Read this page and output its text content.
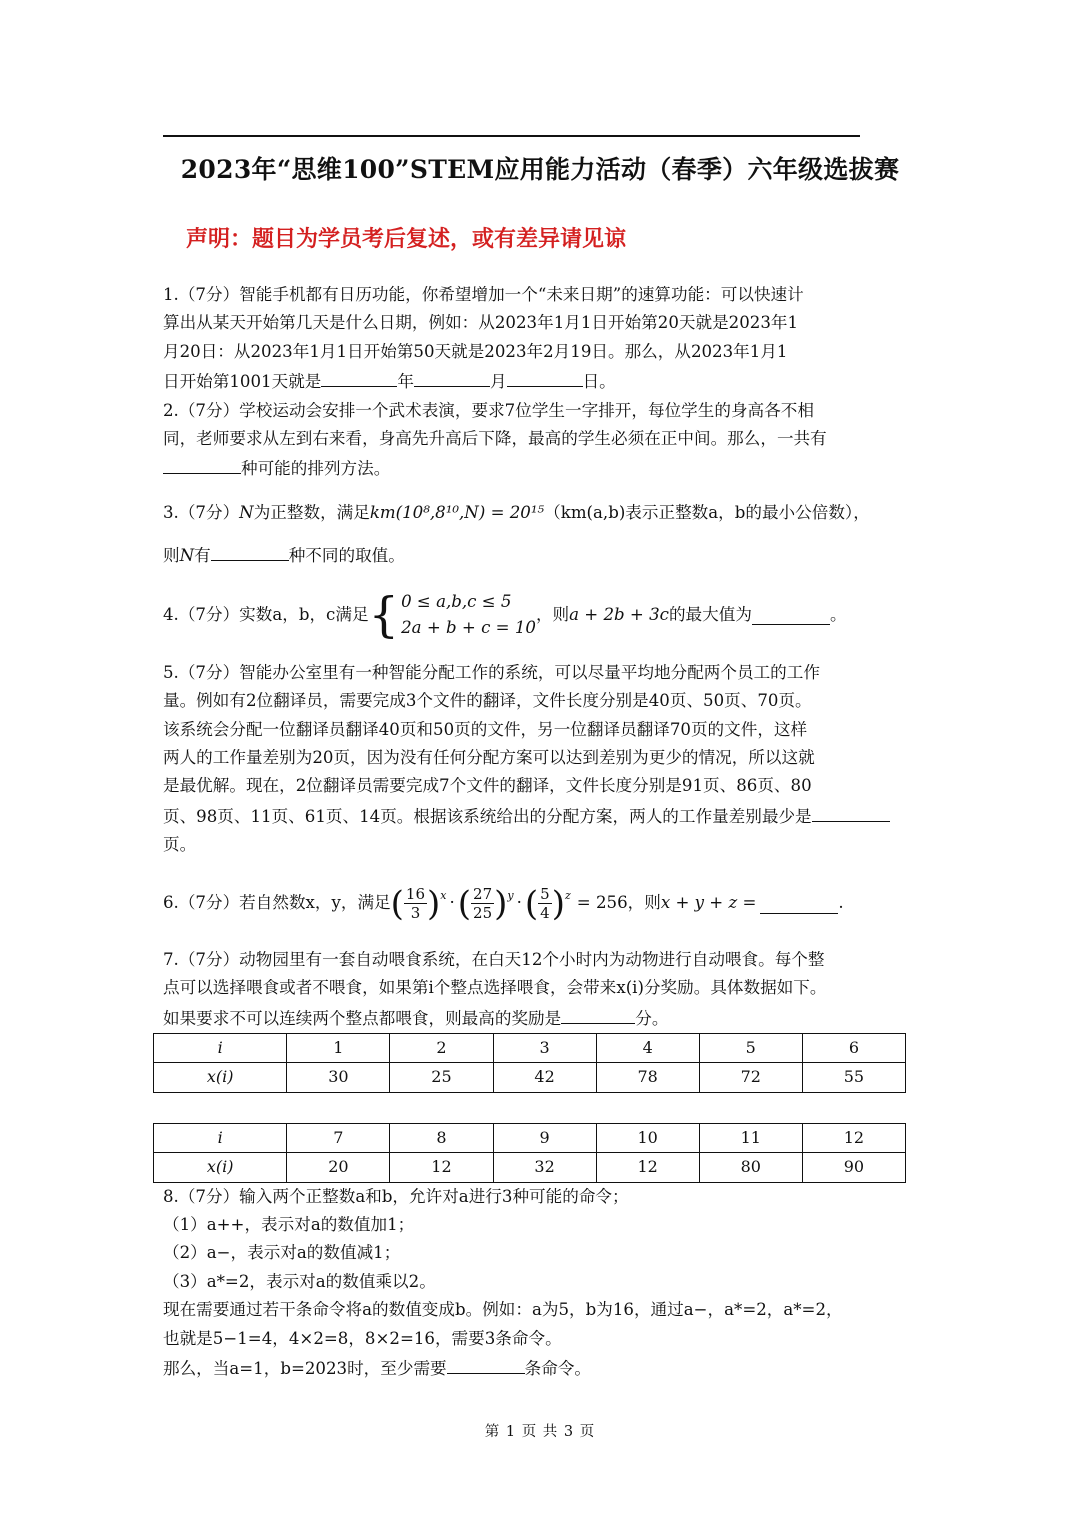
2023年“思维100”STEM应用能力活动（春季）六年级选拔赛
声明：题目为学员考后复述，或有差异请见谅
1.（7分）智能手机都有日历功能，你希望增加一个“未来日期”的速算功能：可以快速计
算出从某天开始第几天是什么日期，例如：从2023年1月1日开始第20天就是2023年1
月20日：从2023年1月1日开始第50天就是2023年2月19日。那么，从2023年1月1
日开始第1001天就是	年	月	日。
2.（7分）学校运动会安排一个武术表演，要求7位学生一字排开，每位学生的身高各不相
同，老师要求从左到右来看，身高先升高后下降，最高的学生必须在正中间。那么，一共有
种可能的排列方法。
3.（7分）N为正整数，满足km(10⁸,8¹⁰,N) = 20¹⁵（km(a,b)表示正整数a，b的最小公倍数），
则N有	种不同的取值。
4.（7分）实数a，b，c满足 { 0 ≤ a,b,c ≤ 5
2a + b + c = 10
，则 a + 2b + 3c 的最大值为	。
5.（7分）智能办公室里有一种智能分配工作的系统，可以尽量平均地分配两个员工的工作
量。例如有2位翻译员，需要完成3个文件的翻译，文件长度分别是40页、50页、70页。
该系统会分配一位翻译员翻译40页和50页的文件，另一位翻译员翻译70页的文件，这样
两人的工作量差别为20页，因为没有任何分配方案可以达到差别为更少的情况，所以这就
是最优解。现在，2位翻译员需要完成7个文件的翻译，文件长度分别是91页、86页、80
页、98页、11页、61页、14页。根据该系统给出的分配方案，两人的工作量差别最少是
页。
6.（7分）若自然数x，y，满足 ( $\frac{16}{3} )^x$ · ( $\frac{27}{25} )^y$ · ( $\frac{5}{4} )^z = 256$ ，则 x + y + z =	.
7.（7分）动物园里有一套自动喂食系统，在白天12个小时内为动物进行自动喂食。每个整
点可以选择喂食或者不喂食，如果第i个整点选择喂食，会带来x(i)分奖励。具体数据如下。
如果要求不可以连续两个整点都喂食，则最高的奖励是	分。
i	1	2	3	4	5	6
x(i)	30	25	42	78	72	55
i	7	8	9	10	11	12
x(i)	20	12	32	12	80	90
8.（7分）输入两个正整数a和b，允许对a进行3种可能的命令；
（1）a++，表示对a的数值加1；
（2）a−，表示对a的数值减1；
（3）a*=2，表示对a的数值乘以2。
现在需要通过若干条命令将a的数值变成b。例如：a为5，b为16，通过a−，a*=2，a*=2，
也就是5−1=4，4×2=8，8×2=16，需要3条命令。
那么，当a=1，b=2023时，至少需要	条命令。
第 1 页 共 3 页
